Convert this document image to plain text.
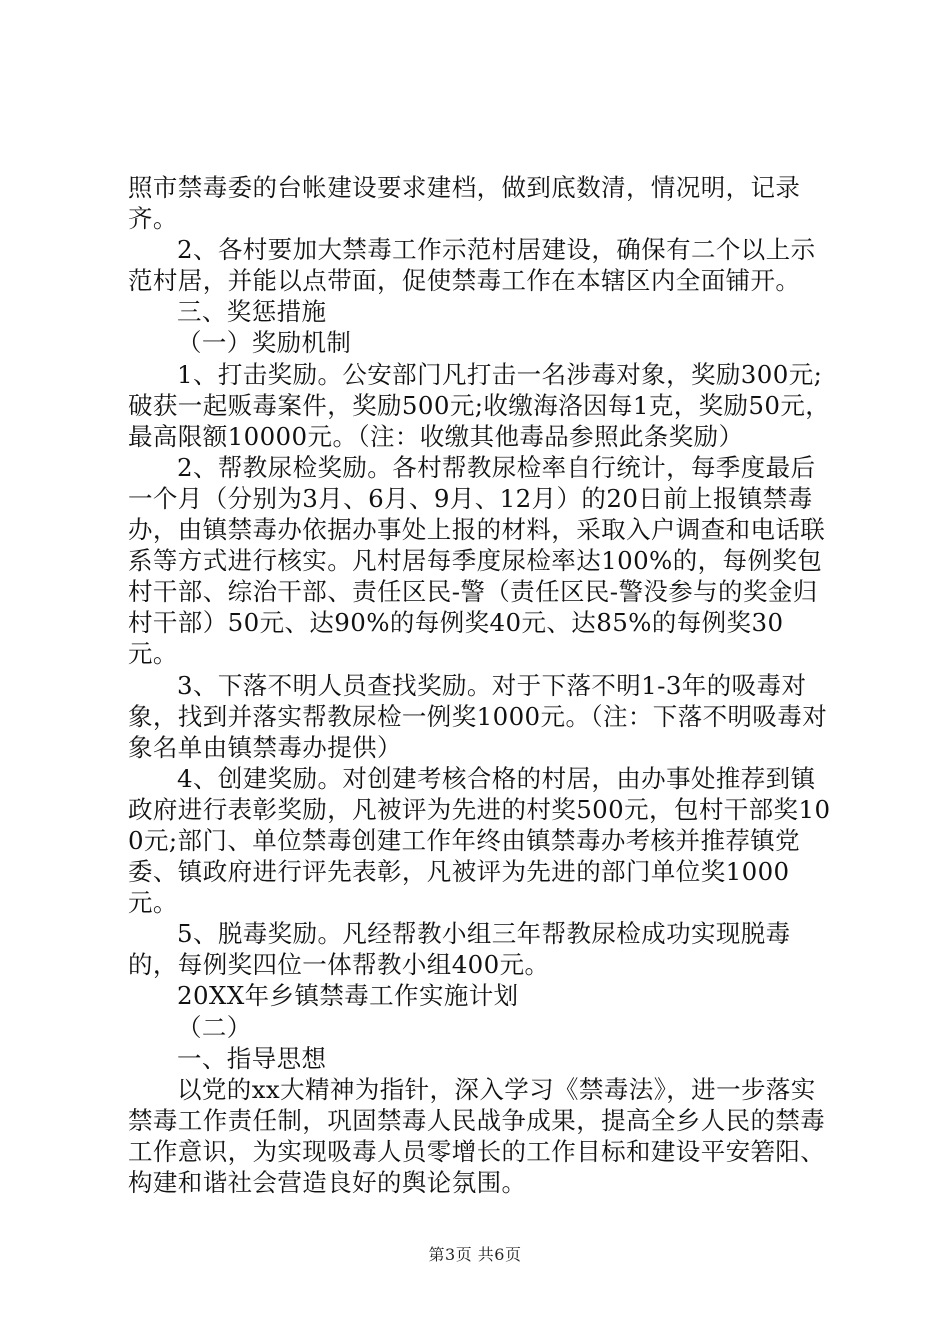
照市禁毒委的台帐建设要求建档，做到底数清，情况明，记录齐。

2、各村要加大禁毒工作示范村居建设，确保有二个以上示范村居，并能以点带面，促使禁毒工作在本辖区内全面铺开。

三、奖惩措施

（一）奖励机制

1、打击奖励。公安部门凡打击一名涉毒对象，奖励300元;破获一起贩毒案件，奖励500元;收缴海洛因每1克，奖励50元，最高限额10000元。（注：收缴其他毒品参照此条奖励）

2、帮教尿检奖励。各村帮教尿检率自行统计，每季度最后一个月（分别为3月、6月、9月、12月）的20日前上报镇禁毒办，由镇禁毒办依据办事处上报的材料，采取入户调查和电话联系等方式进行核实。凡村居每季度尿检率达100%的，每例奖包村干部、综治干部、责任区民-警（责任区民-警没参与的奖金归村干部）50元、达90%的每例奖40元、达85%的每例奖30元。

3、下落不明人员查找奖励。对于下落不明1-3年的吸毒对象，找到并落实帮教尿检一例奖1000元。（注：下落不明吸毒对象名单由镇禁毒办提供）

4、创建奖励。对创建考核合格的村居，由办事处推荐到镇政府进行表彰奖励，凡被评为先进的村奖500元，包村干部奖100元;部门、单位禁毒创建工作年终由镇禁毒办考核并推荐镇党委、镇政府进行评先表彰，凡被评为先进的部门单位奖1000元。

5、脱毒奖励。凡经帮教小组三年帮教尿检成功实现脱毒的，每例奖四位一体帮教小组400元。

20XX年乡镇禁毒工作实施计划

（二）

一、指导思想

以党的xx大精神为指针，深入学习《禁毒法》，进一步落实禁毒工作责任制，巩固禁毒人民战争成果，提高全乡人民的禁毒工作意识，为实现吸毒人员零增长的工作目标和建设平安箬阳、构建和谐社会营造良好的舆论氛围。

第3页 共6页
